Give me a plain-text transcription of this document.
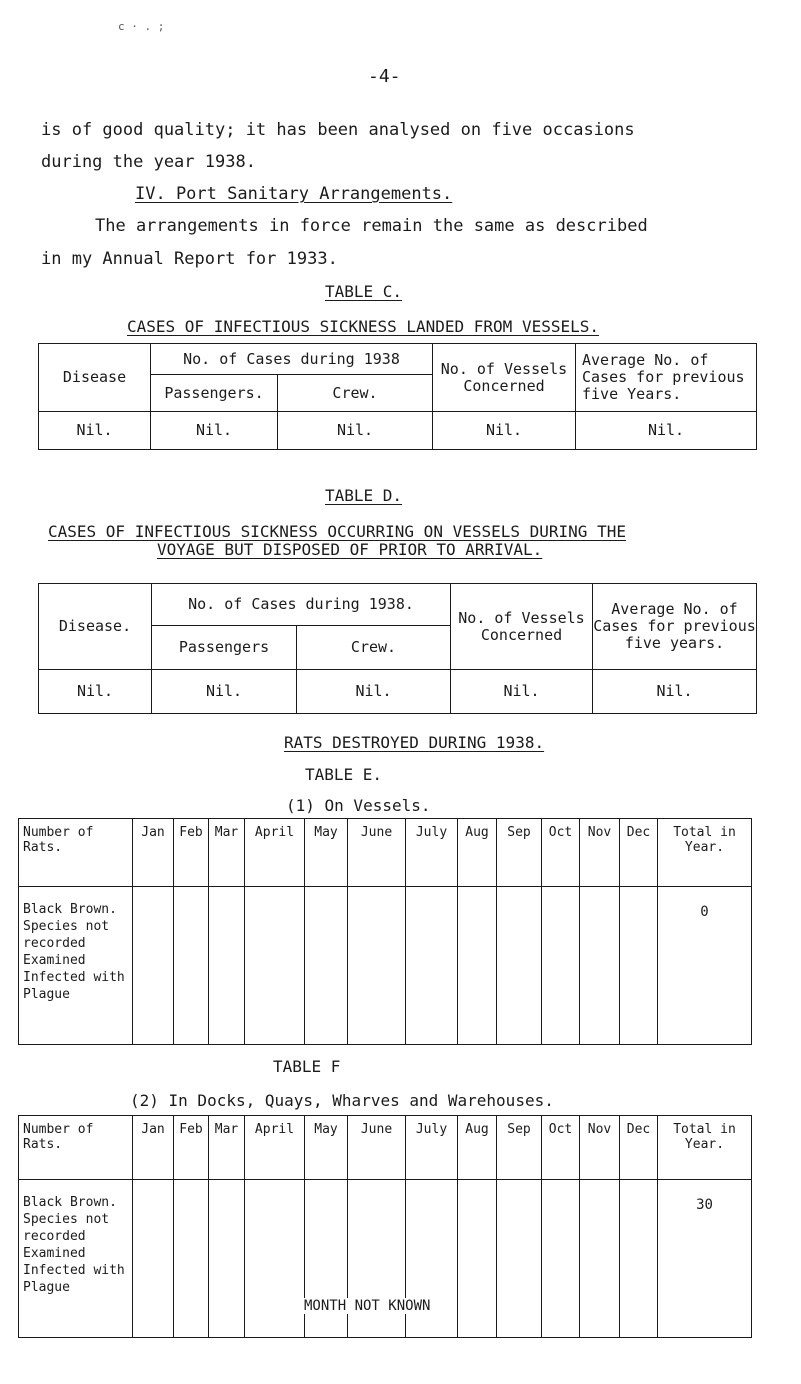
c · . ;
-4-
is of good quality; it has been analysed on five occasions
during the year 1938.
IV. Port Sanitary Arrangements.
The arrangements in force remain the same as described
in my Annual Report for 1933.
TABLE C.
CASES OF INFECTIOUS SICKNESS LANDED FROM VESSELS.
Disease	No. of Cases during 1938		No. of Vessels Concerned	Average No. of Cases for previous five Years.
	Passengers.	Crew.		
Nil.	Nil.	Nil.	Nil.	Nil.
TABLE D.
CASES OF INFECTIOUS SICKNESS OCCURRING ON VESSELS DURING THE
VOYAGE BUT DISPOSED OF PRIOR TO ARRIVAL.
Disease.	No. of Cases during 1938.		No. of Vessels Concerned	Average No. of Cases for previous five years.
	Passengers	Crew.		
Nil.	Nil.	Nil.	Nil.	Nil.
RATS DESTROYED DURING 1938.
TABLE E.
(1) On Vessels.
Number of Rats.	Jan	Feb	Mar	April	May	June	July	Aug	Sep	Oct	Nov	Dec	Total in Year.
Black Brown. Species not recorded Examined Infected with Plague													0
TABLE F
(2) In Docks, Quays, Wharves and Warehouses.
Number of Rats.	Jan	Feb	Mar	April	May	June	July	Aug	Sep	Oct	Nov	Dec	Total in Year.
Black Brown. Species not recorded Examined Infected with Plague													30
MONTH NOT KNOWN
